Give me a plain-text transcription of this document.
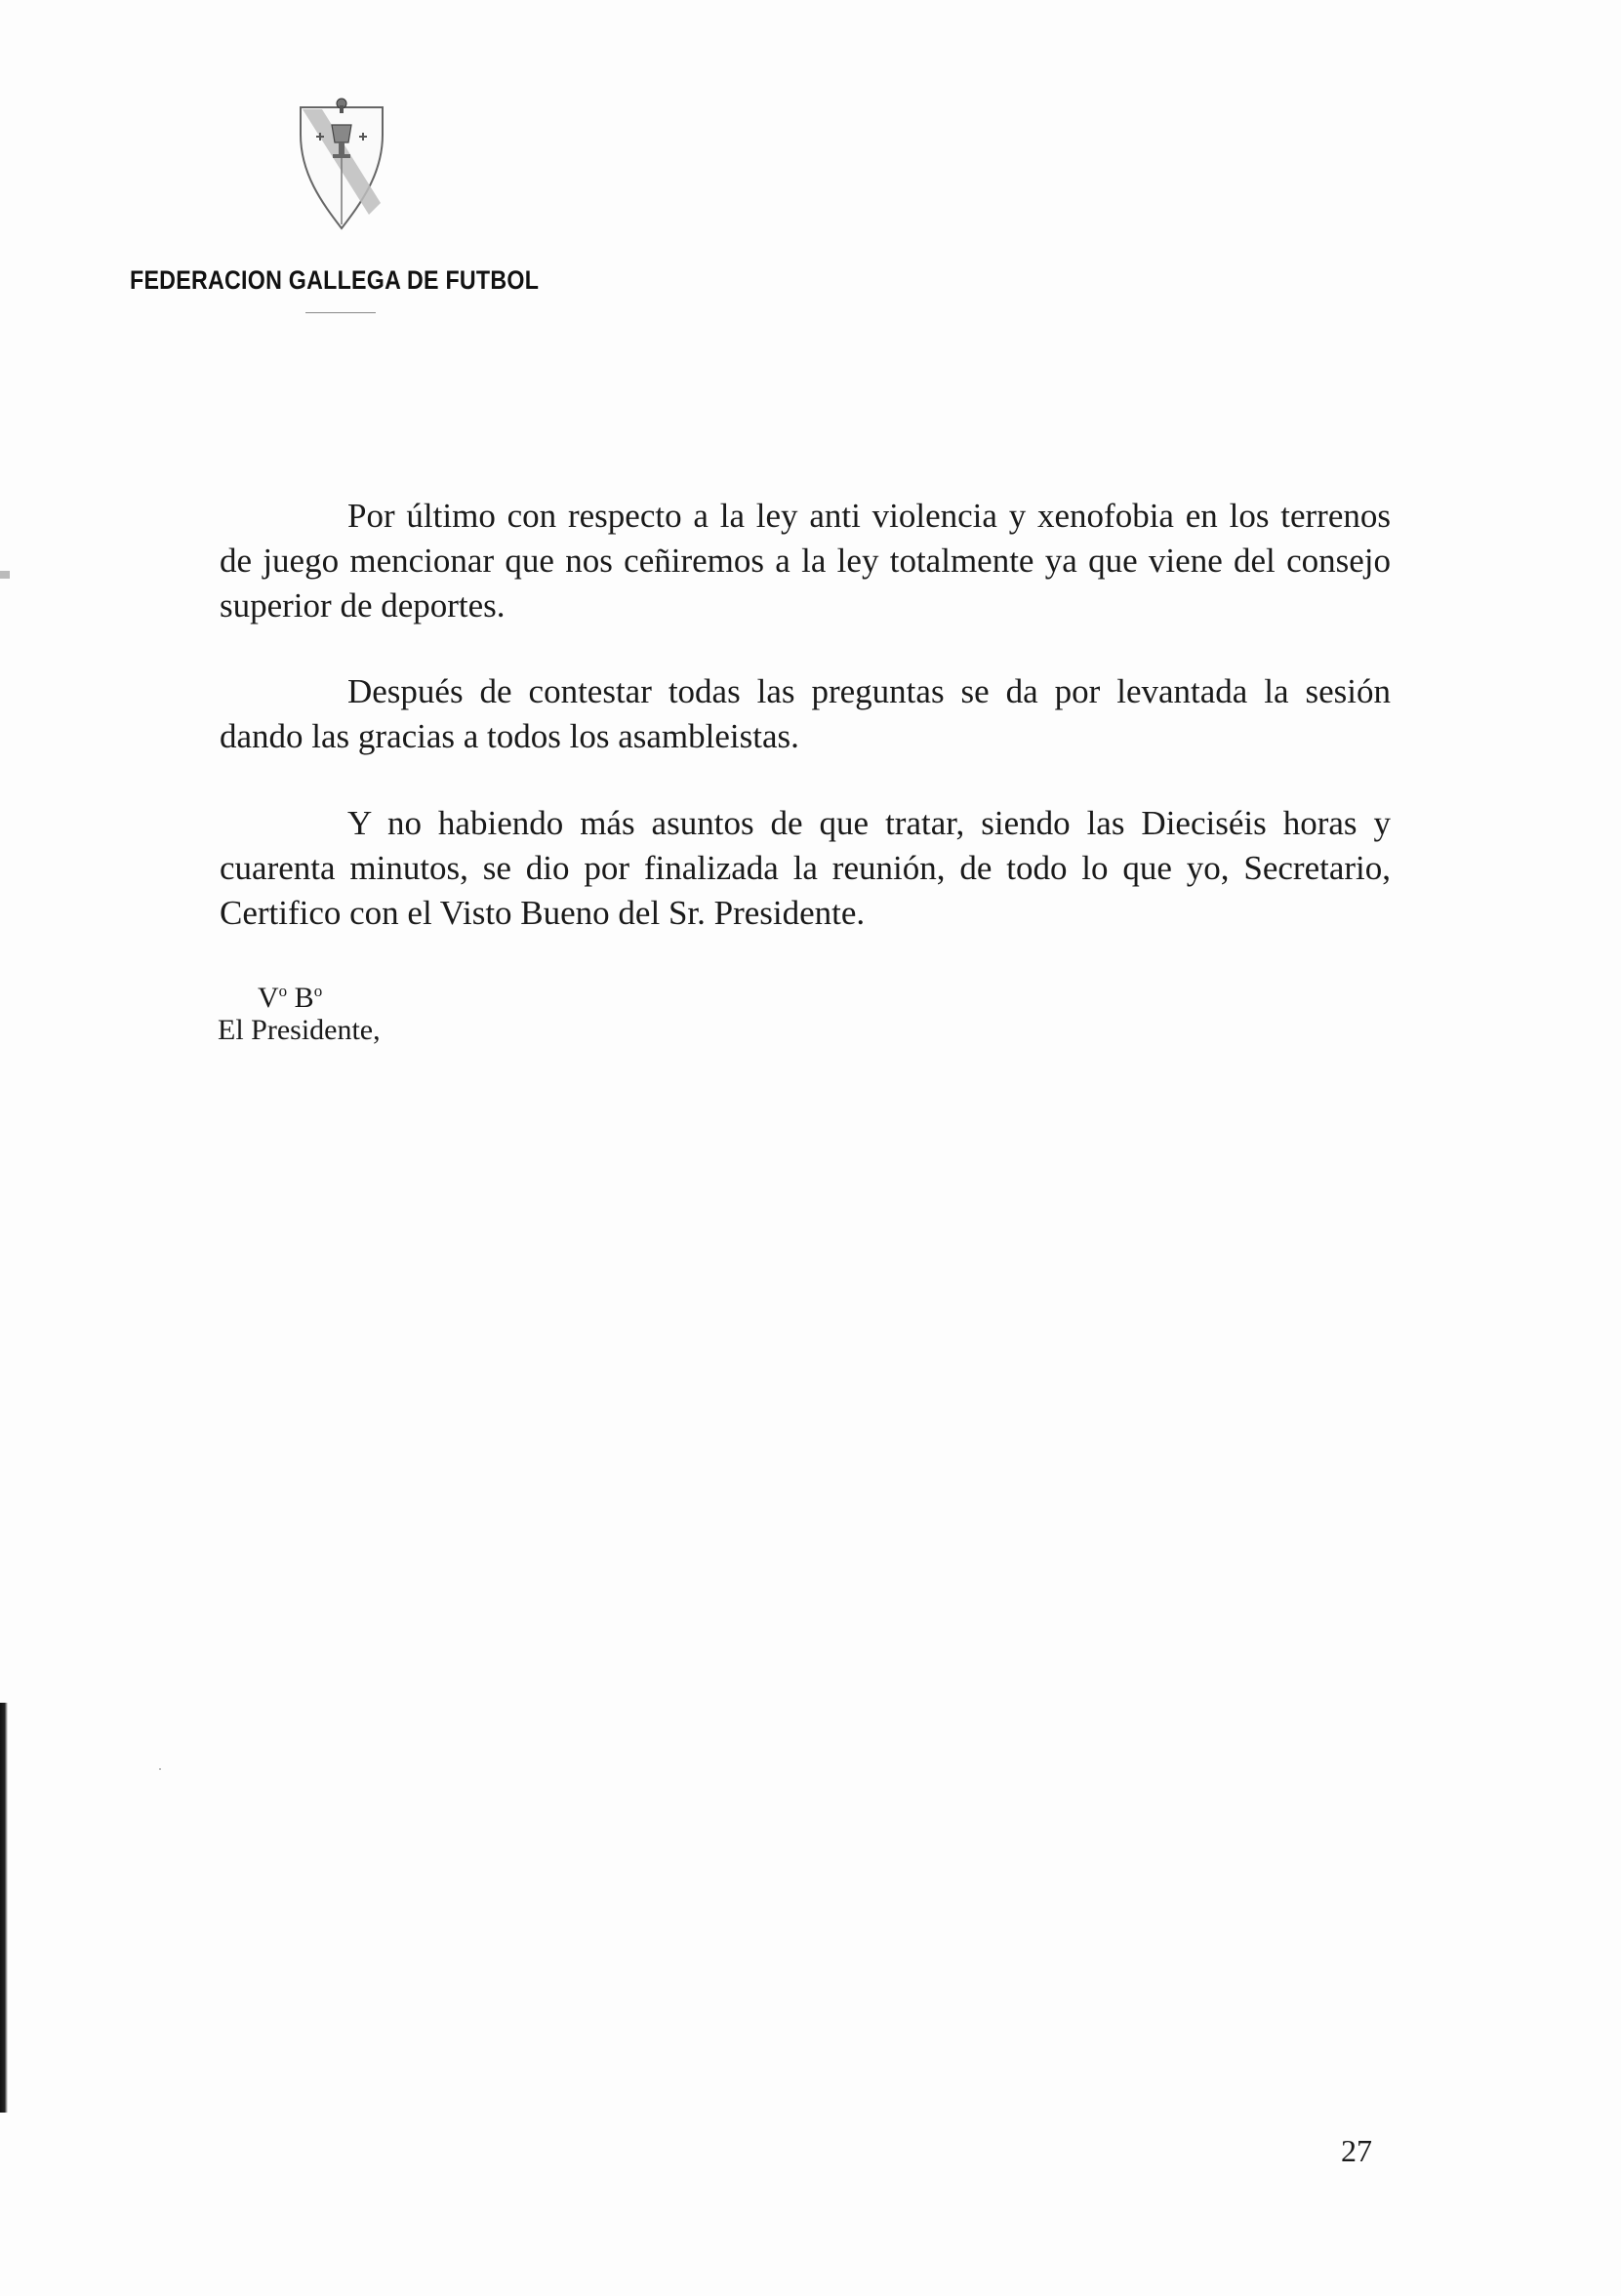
FEDERACION GALLEGA DE FUTBOL

Por último con respecto a la ley anti violencia y xenofobia en los terrenos de juego mencionar que nos ceñiremos a la ley totalmente ya que viene del consejo superior de deportes.

Después de contestar todas las preguntas se da por levantada la sesión dando las gracias a todos los asambleistas.

Y no habiendo más asuntos de que tratar, siendo las Dieciséis horas y cuarenta minutos, se dio por finalizada la reunión, de todo lo que yo, Secretario, Certifico con el Visto Bueno del Sr. Presidente.

$V^o$ $B^o$
El Presidente,
27
